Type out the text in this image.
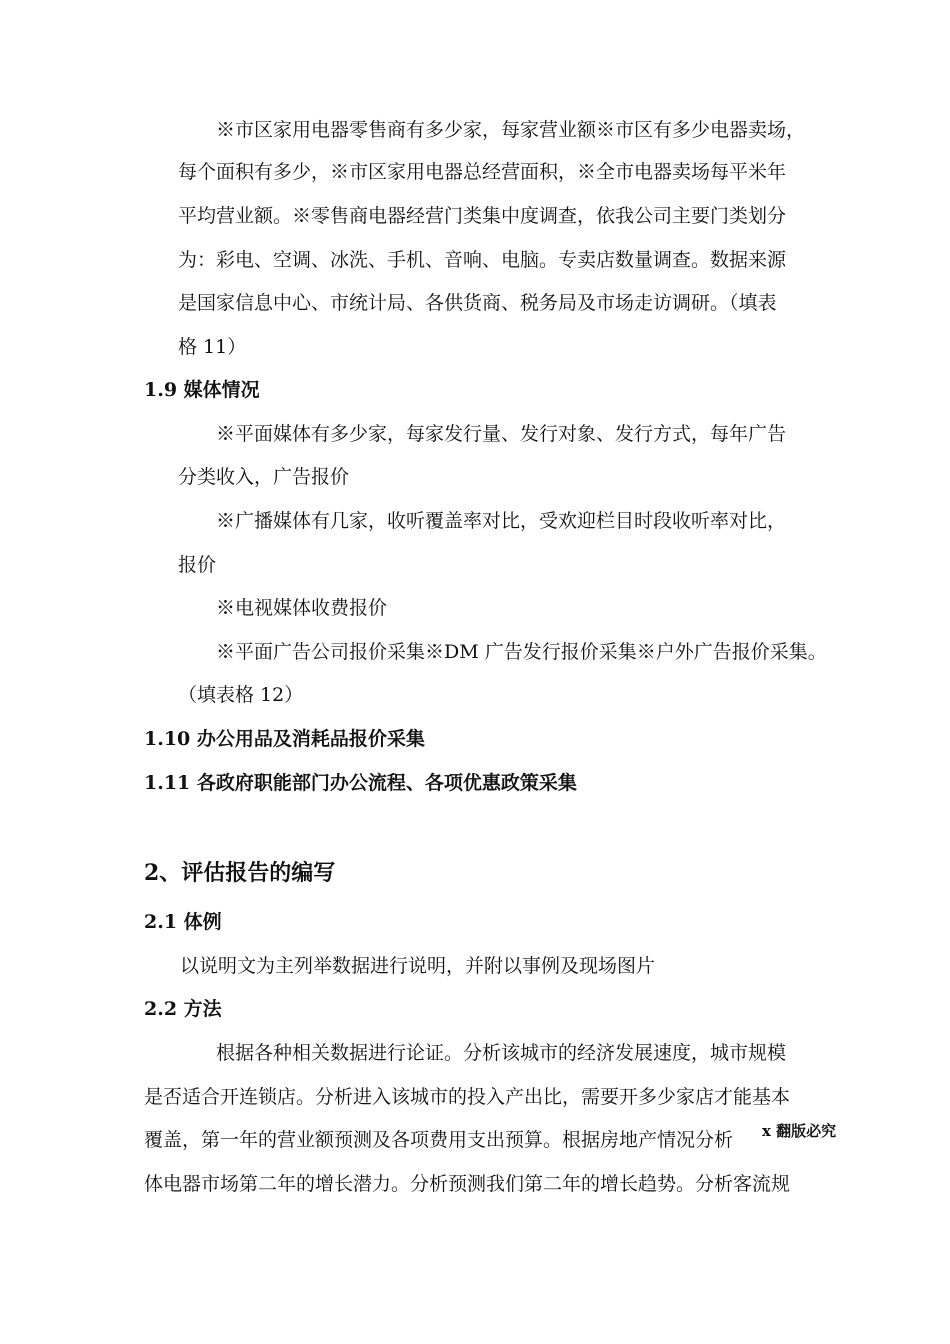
※市区家用电器零售商有多少家，每家营业额※市区有多少电器卖场，
每个面积有多少，※市区家用电器总经营面积，※全市电器卖场每平米年
平均营业额。※零售商电器经营门类集中度调查，依我公司主要门类划分
为：彩电、空调、冰洗、手机、音响、电脑。专卖店数量调查。数据来源
是国家信息中心、市统计局、各供货商、税务局及市场走访调研。（填表
格 11）
1.9 媒体情况
※平面媒体有多少家，每家发行量、发行对象、发行方式，每年广告
分类收入，广告报价
※广播媒体有几家，收听覆盖率对比，受欢迎栏目时段收听率对比，
报价
※电视媒体收费报价
※平面广告公司报价采集※DM 广告发行报价采集※户外广告报价采集。
（填表格 12）
1.10 办公用品及消耗品报价采集
1.11 各政府职能部门办公流程、各项优惠政策采集
2、评估报告的编写
2.1 体例
以说明文为主列举数据进行说明，并附以事例及现场图片
2.2 方法
根据各种相关数据进行论证。分析该城市的经济发展速度，城市规模
是否适合开连锁店。分析进入该城市的投入产出比，需要开多少家店才能基本
覆盖，第一年的营业额预测及各项费用支出预算。根据房地产情况分析
体电器市场第二年的增长潜力。分析预测我们第二年的增长趋势。分析客流规
x 翻版必究
